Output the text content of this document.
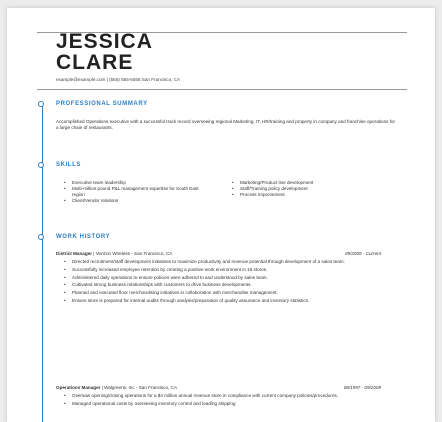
JESSICA
CLARE
example@example.com | (555) 555-5555 San Francisco, CA
PROFESSIONAL SUMMARY
Accomplished Operations executive with a successful track record overseeing regional Marketing, IT, HR/training and property in company and franchise operations for a large chain of restaurants.
SKILLS
• Executive team leadership
• Multi-million pound P&L management expertise for South East region
• Client/Vendor relations
• Marketing/Product line development
• Staff/Training policy development
• Process Improvement
WORK HISTORY
District Manager | Verizon Wireless - San Francisco, CA	09/2009 - Current
• Directed recruitment/staff development initiatives to maximize productivity and revenue potential through development of a sales team.
• Successfully increased employee retention by creating a positive work environment in 18 stores.
• Administered daily operations to ensure policies were adhered to and understood by sales team.
• Cultivated strong business relationships with customers to drive business developments.
• Planned and executed floor merchandising initiatives in collaboration with merchandise management.
• Ensure store is prepared for internal audits through analysis/preparation of quality assurance and inventory statistics.
Operations Manager | Walgreens, Inc - San Francisco, CA	08/1997 - 09/2009
• Oversaw opening/closing operations for a $4 million annual revenue store in compliance with current company policies/procedures.
• Managed operational costs by overseeing inventory control and leading shipping
